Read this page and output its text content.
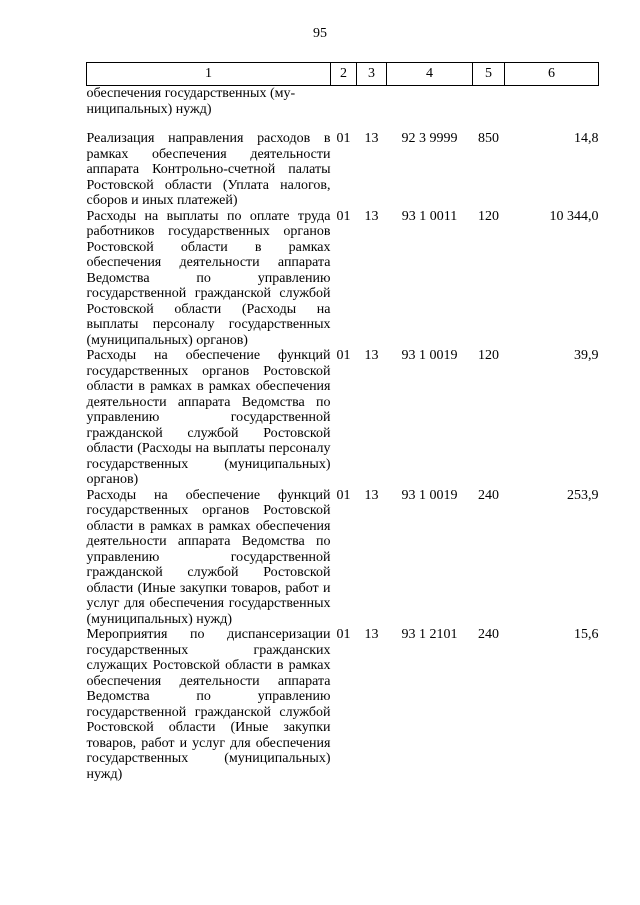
95
1	2	3	4	5	6
обеспечения государственных (му-
ниципальных) нужд)					
Реализация направления расходов в рамках обеспечения деятельности аппарата Контрольно-счетной палаты Ростовской области (Уплата налогов, сборов и иных платежей)	01	13	92 3 9999	850	14,8
Расходы на выплаты по оплате труда работников государственных органов Ростовской области в рамках обеспечения деятельности аппарата Ведомства по управлению государственной гражданской службой Ростовской области (Расходы на выплаты персоналу государственных (муниципальных) органов)	01	13	93 1 0011	120	10 344,0
Расходы на обеспечение функций государственных органов Ростовской области в рамках в рамках обеспечения деятельности аппарата Ведомства по управлению государственной гражданской службой Ростовской области (Расходы на выплаты персоналу государственных (муниципальных) органов)	01	13	93 1 0019	120	39,9
Расходы на обеспечение функций государственных органов Ростовской области в рамках в рамках обеспечения деятельности аппарата Ведомства по управлению государственной гражданской службой Ростовской области (Иные закупки товаров, работ и услуг для обеспечения государственных (муниципальных) нужд)	01	13	93 1 0019	240	253,9
Мероприятия по диспансеризации государственных гражданских служащих Ростовской области в рамках обеспечения деятельности аппарата Ведомства по управлению государственной гражданской службой Ростовской области (Иные закупки товаров, работ и услуг для обеспечения государственных (муниципальных) нужд)	01	13	93 1 2101	240	15,6
